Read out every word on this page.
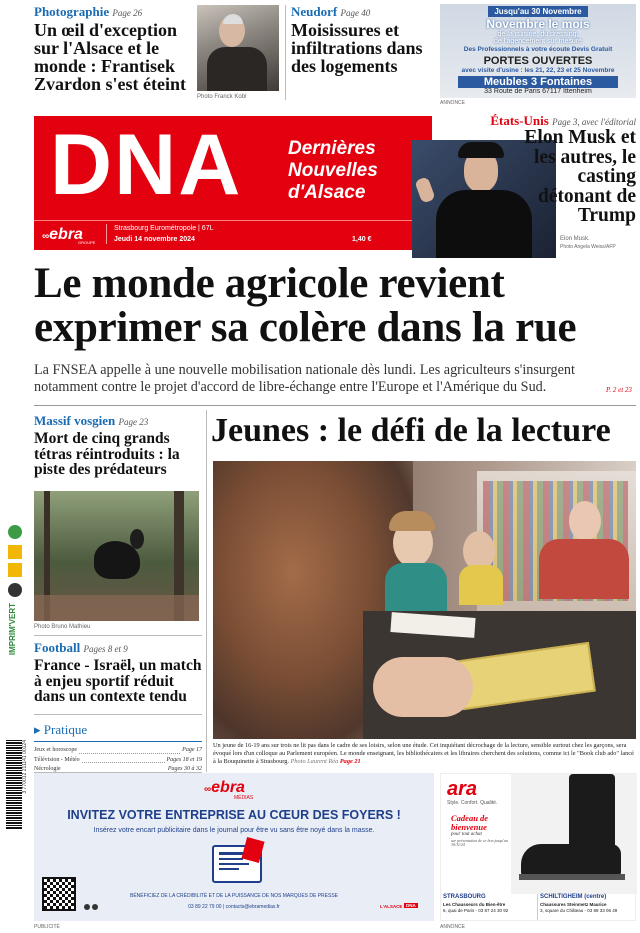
Photographie Page 26
Un œil d'exception sur l'Alsace et le monde : Frantisek Zvardon s'est éteint
Photo Franck Kobi
Neudorf Page 40
Moisissures et infiltrations dans des logements
Jusqu'au 30 Novembre
Novembre le mois
de la cuisine, du dressing,
de l'agencement sur mesure
Des Professionnels à votre écoute Devis Gratuit
PORTES OUVERTES
avec visite d'usine : les 21, 22, 23 et 25 Novembre
Meubles 3 Fontaines
33 Route de Paris 67117 Ittenheim
ANNONCE
DNA Dernières
Nouvelles
d'Alsace
∞ebra
GROUPE
Strasbourg Eurométropole | 67L
Jeudi 14 novembre 2024	1,40 €
États-Unis Page 3, avec l'éditorial
Elon Musk et les autres, le casting détonant de Trump
Elon Musk.
Photo Angela Weiss/AFP
Le monde agricole revient exprimer sa colère dans la rue
La FNSEA appelle à une nouvelle mobilisation nationale dès lundi. Les agriculteurs s'insurgent notamment contre le projet d'accord de libre-échange entre l'Europe et l'Amérique du Sud.	P. 2 et 23
Massif vosgien Page 23
Mort de cinq grands tétras réintroduits : la piste des prédateurs
Photo Bruno Mathieu
Football Pages 8 et 9
France - Israël, un match à enjeu sportif réduit dans un contexte tendu
▸ Pratique
Jeux et horoscope	Page 17
Télévision - Météo	Pages 18 et 19
Nécrologie	Pages 30 à 32
IMPRIM'VERT
3 770012 211141 00124
Jeunes : le défi de la lecture
Un jeune de 16-19 ans sur trois ne lit pas dans le cadre de ses loisirs, selon une étude. Cet inquiétant décrochage de la lecture, sensible surtout chez les garçons, sera évoqué lors d'un colloque au Parlement européen. Le monde enseignant, les bibliothécaires et les libraires cherchent des solutions, comme ici le "Book club ado" lancé à la Bouquinette à Strasbourg. Photo Laurent Réa Page 21
∞ebra
MÉDIAS
INVITEZ VOTRE ENTREPRISE AU CŒUR DES FOYERS !
Insérez votre encart publicitaire dans le journal pour être vu sans être noyé dans la masse.
BÉNÉFICIEZ DE LA CRÉDIBILITÉ ET DE LA PUISSANCE DE NOS MARQUES DE PRESSE
03 89 22 79 00 | contacts@ebramedias.fr	L'ALSACE DNA
PUBLICITÉ
ara
Style. Confort. Qualité.
Cadeau de
bienvenue
pour tout achat
sur présentation de ce bon jusqu'au 30/11/24
STRASBOURG
Les Chausseurs du Bien-être
6, quai de Paris - 03 87 24 30 92
SCHILTIGHEIM (centre)
Chaussures Steinmetz Maurice
3, square du Château - 03 88 33 06 49
ANNONCE
